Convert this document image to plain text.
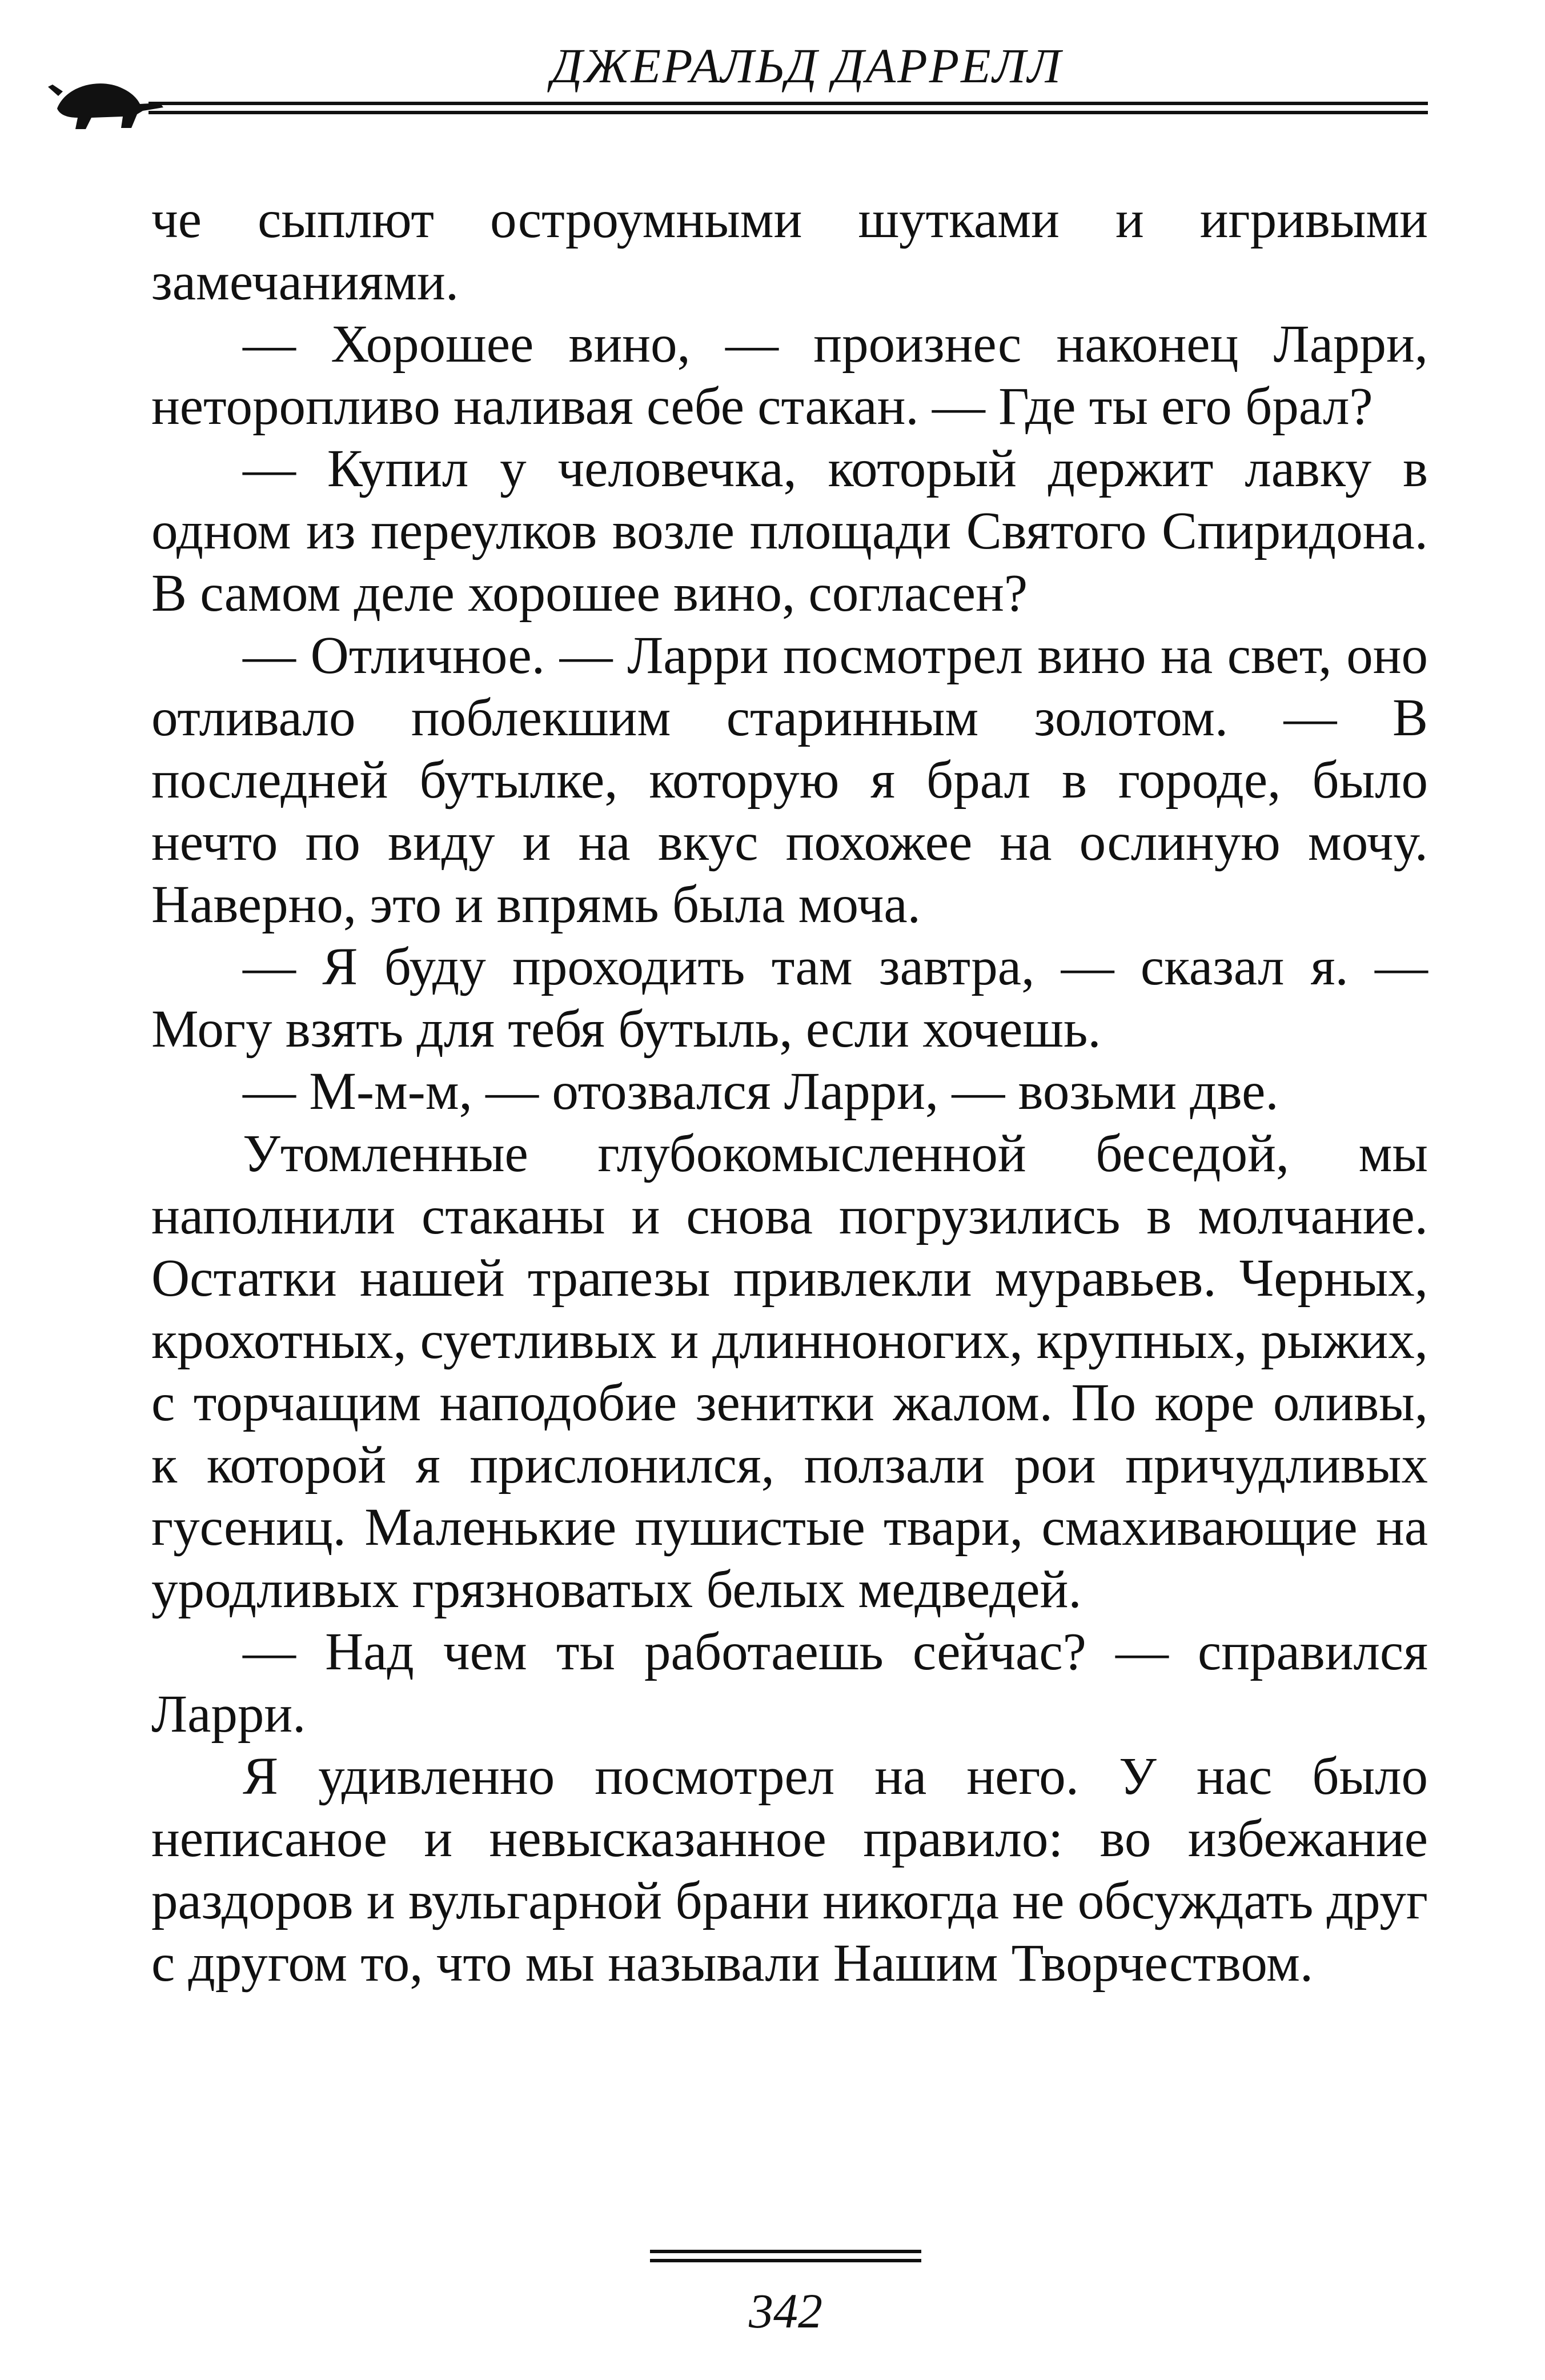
ДЖЕРАЛЬД ДАРРЕЛЛ

че сыплют остроумными шутками и игривыми замечаниями.

— Хорошее вино, — произнес наконец Ларри, неторопливо наливая себе стакан. — Где ты его брал?

— Купил у человечка, который держит лавку в одном из переулков возле площади Святого Спиридона. В самом деле хорошее вино, согласен?

— Отличное. — Ларри посмотрел вино на свет, оно отливало поблекшим старинным золотом. — В последней бутылке, которую я брал в городе, было нечто по виду и на вкус похожее на ослиную мочу. Наверно, это и впрямь была моча.

— Я буду проходить там завтра, — сказал я. — Могу взять для тебя бутыль, если хочешь.

— М-м-м, — отозвался Ларри, — возьми две.

Утомленные глубокомысленной беседой, мы наполнили стаканы и снова погрузились в молчание. Остатки нашей трапезы привлекли муравьев. Черных, крохотных, суетливых и длинноногих, крупных, рыжих, с торчащим наподобие зенитки жалом. По коре оливы, к которой я прислонился, ползали рои причудливых гусениц. Маленькие пушистые твари, смахивающие на уродливых грязноватых белых медведей.

— Над чем ты работаешь сейчас? — справился Ларри.

Я удивленно посмотрел на него. У нас было неписаное и невысказанное правило: во избежание раздоров и вульгарной брани никогда не обсуждать друг с другом то, что мы называли Нашим Творчеством.

342
